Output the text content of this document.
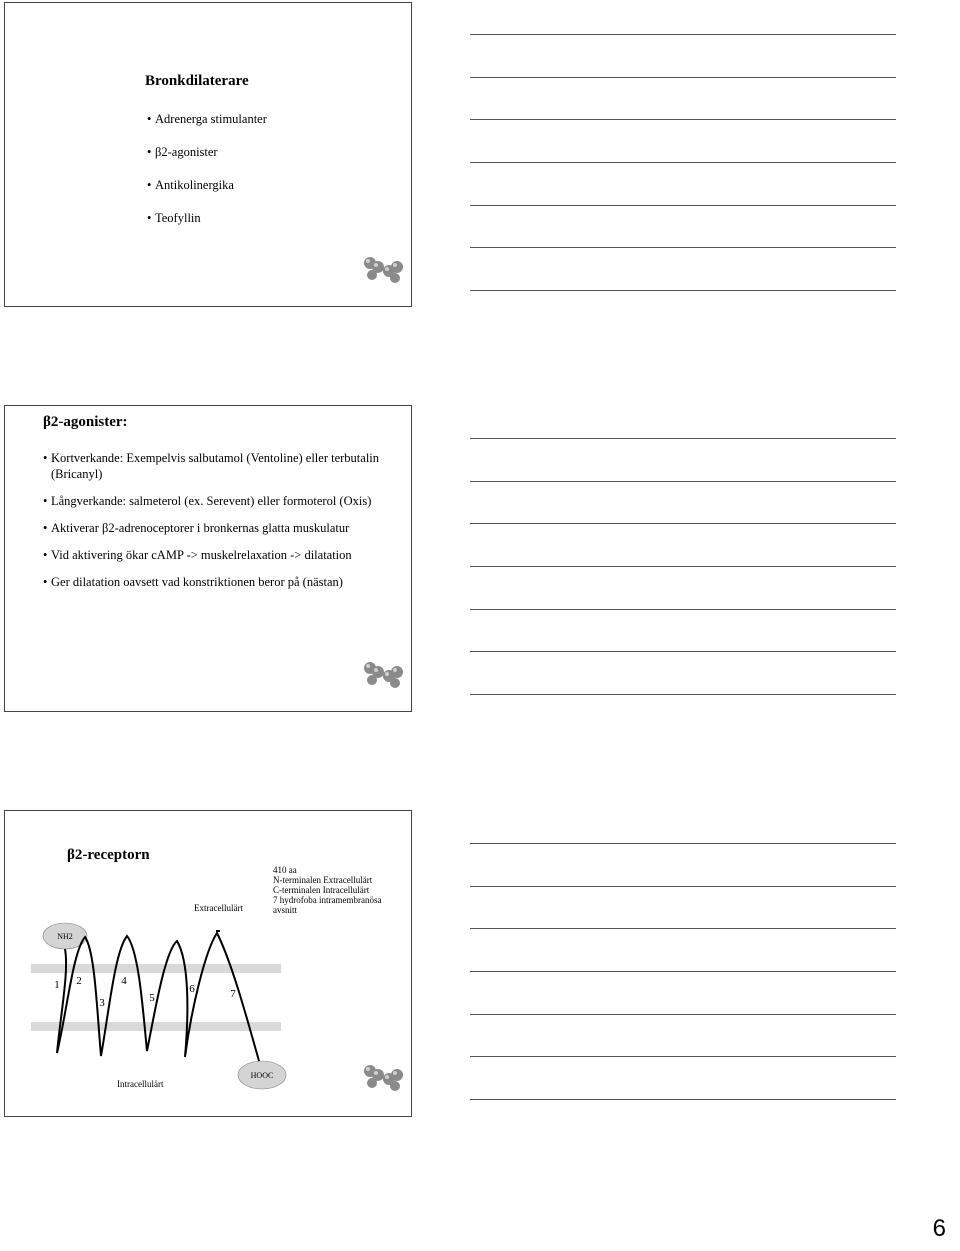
Bronkdilaterare
• Adrenerga stimulanter
• β2-agonister
• Antikolinergika
• Teofyllin
β2-agonister:
• Kortverkande: Exempelvis salbutamol (Ventoline) eller terbutalin (Bricanyl)
• Långverkande: salmeterol (ex. Serevent) eller formoterol (Oxis)
• Aktiverar β2-adrenoceptorer i bronkernas glatta muskulatur
• Vid aktivering ökar cAMP -> muskelrelaxation -> dilatation
• Ger dilatation oavsett vad konstriktionen beror på (nästan)
β2-receptorn
410 aa
N-terminalen Extracellulärt
C-terminalen Intracellulärt
7 hydrofoba intramembranösa
avsnitt
NH2
HOOC
1 2
3
4
5
6	7
Extracellulärt
Intracellulärt
6
